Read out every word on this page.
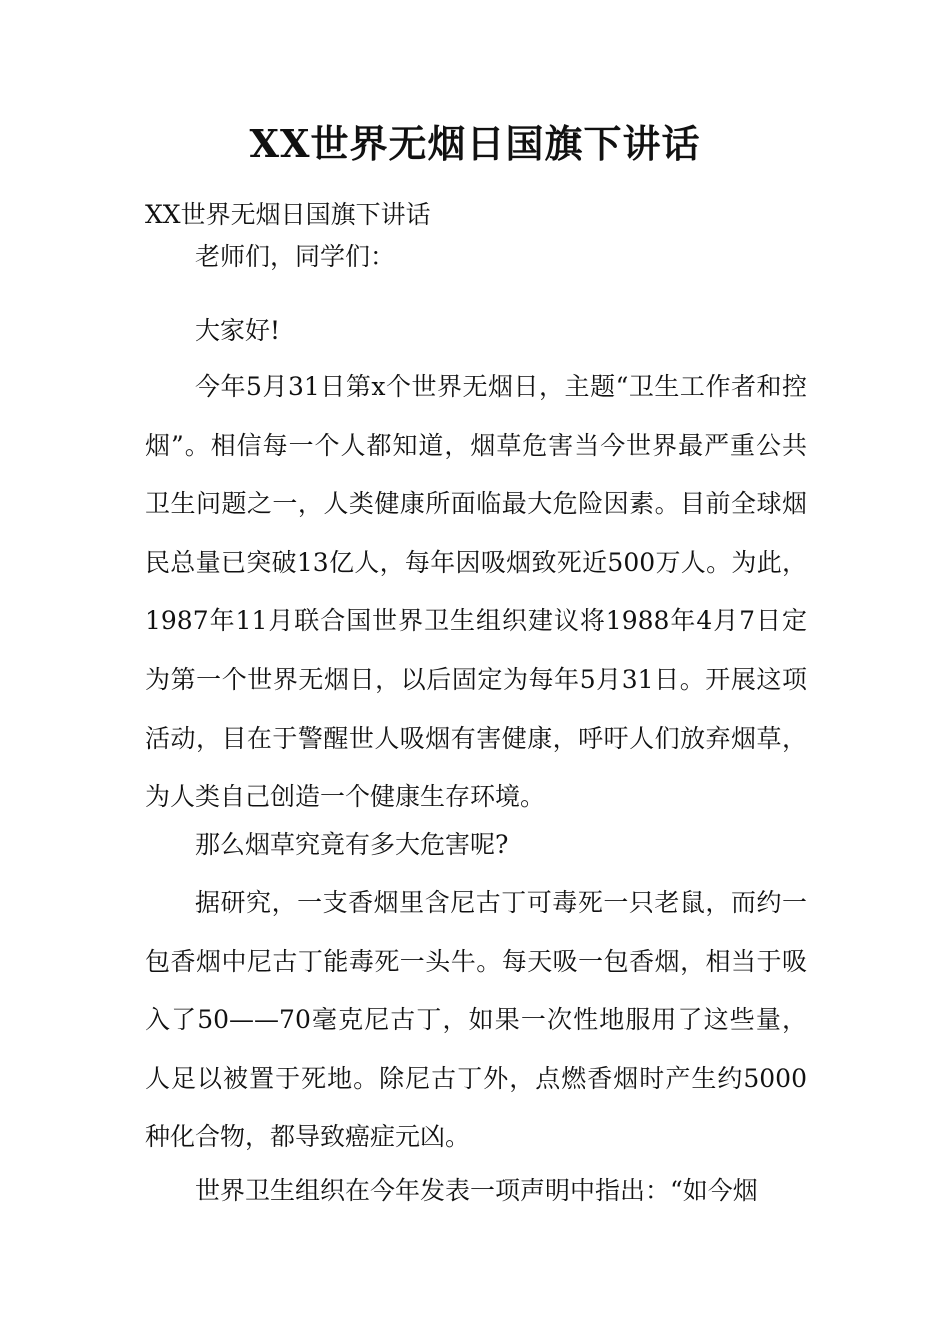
XX世界无烟日国旗下讲话
XX世界无烟日国旗下讲话

老师们，同学们：

大家好!

今年5月31日第x个世界无烟日，主题“卫生工作者和控烟”。相信每一个人都知道，烟草危害当今世界最严重公共卫生问题之一，人类健康所面临最大危险因素。目前全球烟民总量已突破13亿人，每年因吸烟致死近500万人。为此，1987年11月联合国世界卫生组织建议将1988年4月7日定为第一个世界无烟日，以后固定为每年5月31日。开展这项活动，目在于警醒世人吸烟有害健康，呼吁人们放弃烟草，为人类自己创造一个健康生存环境。

那么烟草究竟有多大危害呢?

据研究，一支香烟里含尼古丁可毒死一只老鼠，而约一包香烟中尼古丁能毒死一头牛。每天吸一包香烟，相当于吸入了50——70毫克尼古丁，如果一次性地服用了这些量，人足以被置于死地。除尼古丁外，点燃香烟时产生约5000种化合物，都导致癌症元凶。

世界卫生组织在今年发表一项声明中指出：“如今烟
